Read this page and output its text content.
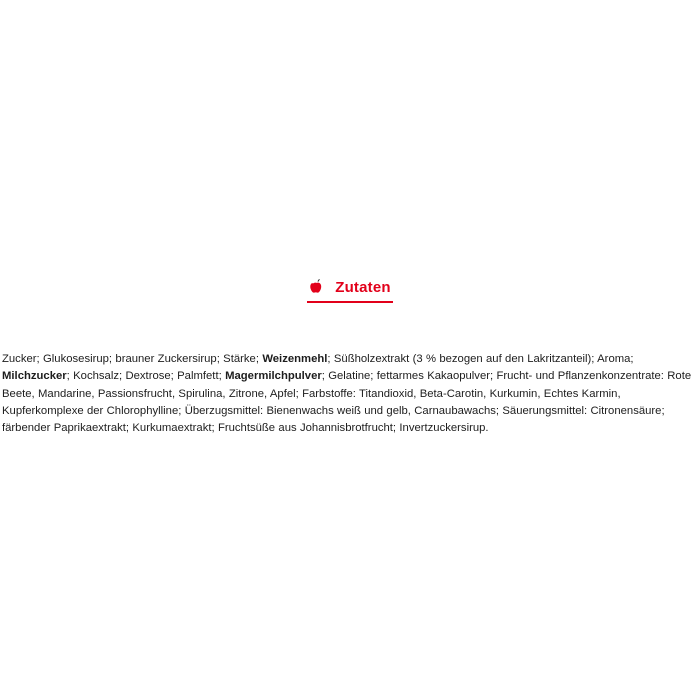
Zutaten

Zucker; Glukosesirup; brauner Zuckersirup; Stärke; Weizenmehl; Süßholzextrakt (3 % bezogen auf den Lakritzanteil); Aroma; Milchzucker; Kochsalz; Dextrose; Palmfett; Magermilchpulver; Gelatine; fettarmes Kakaopulver; Frucht- und Pflanzenkonzentrate: Rote Beete, Mandarine, Passionsfrucht, Spirulina, Zitrone, Apfel; Farbstoffe: Titandioxid, Beta-Carotin, Kurkumin, Echtes Karmin, Kupferkomplexe der Chlorophylline; Überzugsmittel: Bienenwachs weiß und gelb, Carnaubawachs; Säuerungsmittel: Citronensäure; färbender Paprikaextrakt; Kurkumaextrakt; Fruchtsüße aus Johannisbrotfrucht; Invertzuckersirup.
